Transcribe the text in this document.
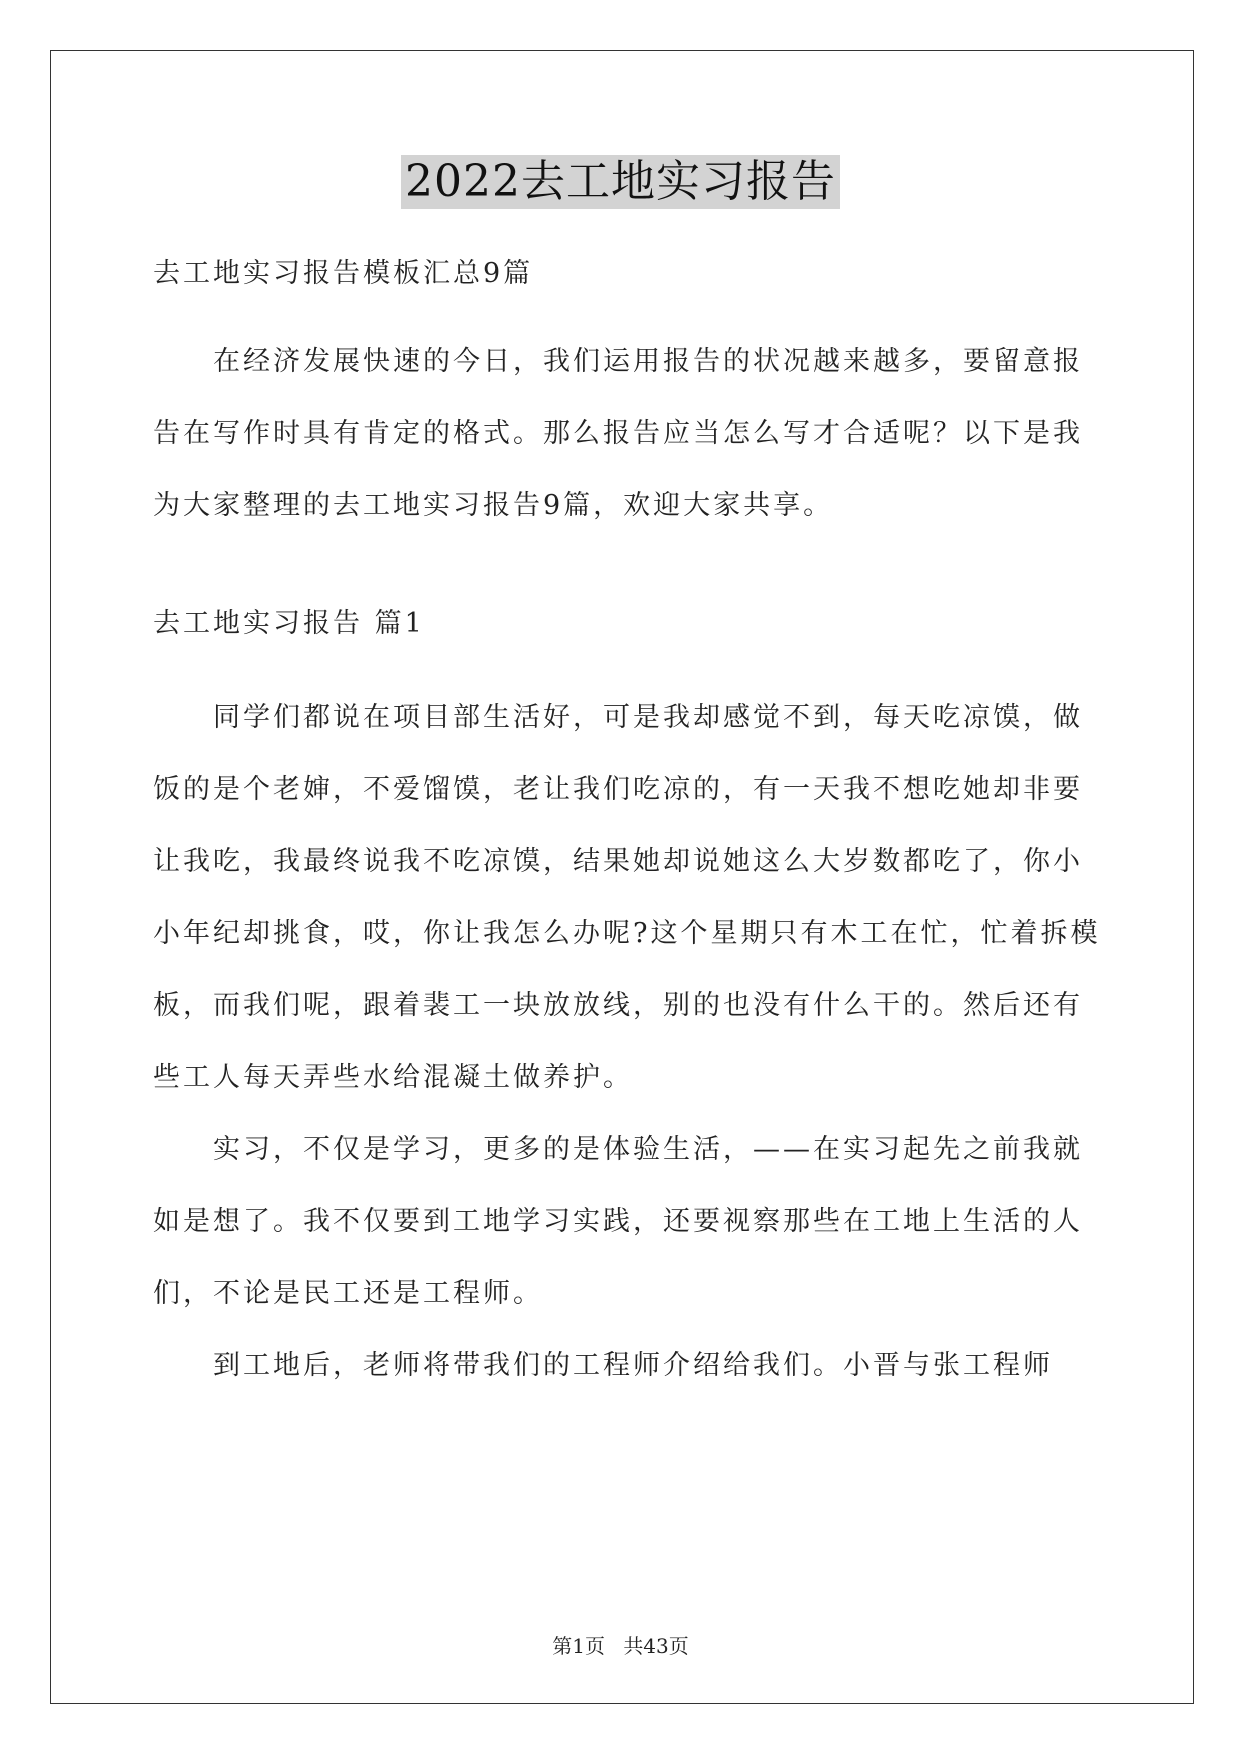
2022去工地实习报告

去工地实习报告模板汇总9篇

在经济发展快速的今日，我们运用报告的状况越来越多，要留意报告在写作时具有肯定的格式。那么报告应当怎么写才合适呢？以下是我为大家整理的去工地实习报告9篇，欢迎大家共享。

去工地实习报告 篇1

同学们都说在项目部生活好，可是我却感觉不到，每天吃凉馍，做饭的是个老婶，不爱馏馍，老让我们吃凉的，有一天我不想吃她却非要让我吃，我最终说我不吃凉馍，结果她却说她这么大岁数都吃了，你小小年纪却挑食，哎，你让我怎么办呢?这个星期只有木工在忙，忙着拆模板，而我们呢，跟着裴工一块放放线，别的也没有什么干的。然后还有些工人每天弄些水给混凝土做养护。

实习，不仅是学习，更多的是体验生活，——在实习起先之前我就如是想了。我不仅要到工地学习实践，还要视察那些在工地上生活的人们，不论是民工还是工程师。

到工地后，老师将带我们的工程师介绍给我们。小晋与张工程师

第1页 共43页
